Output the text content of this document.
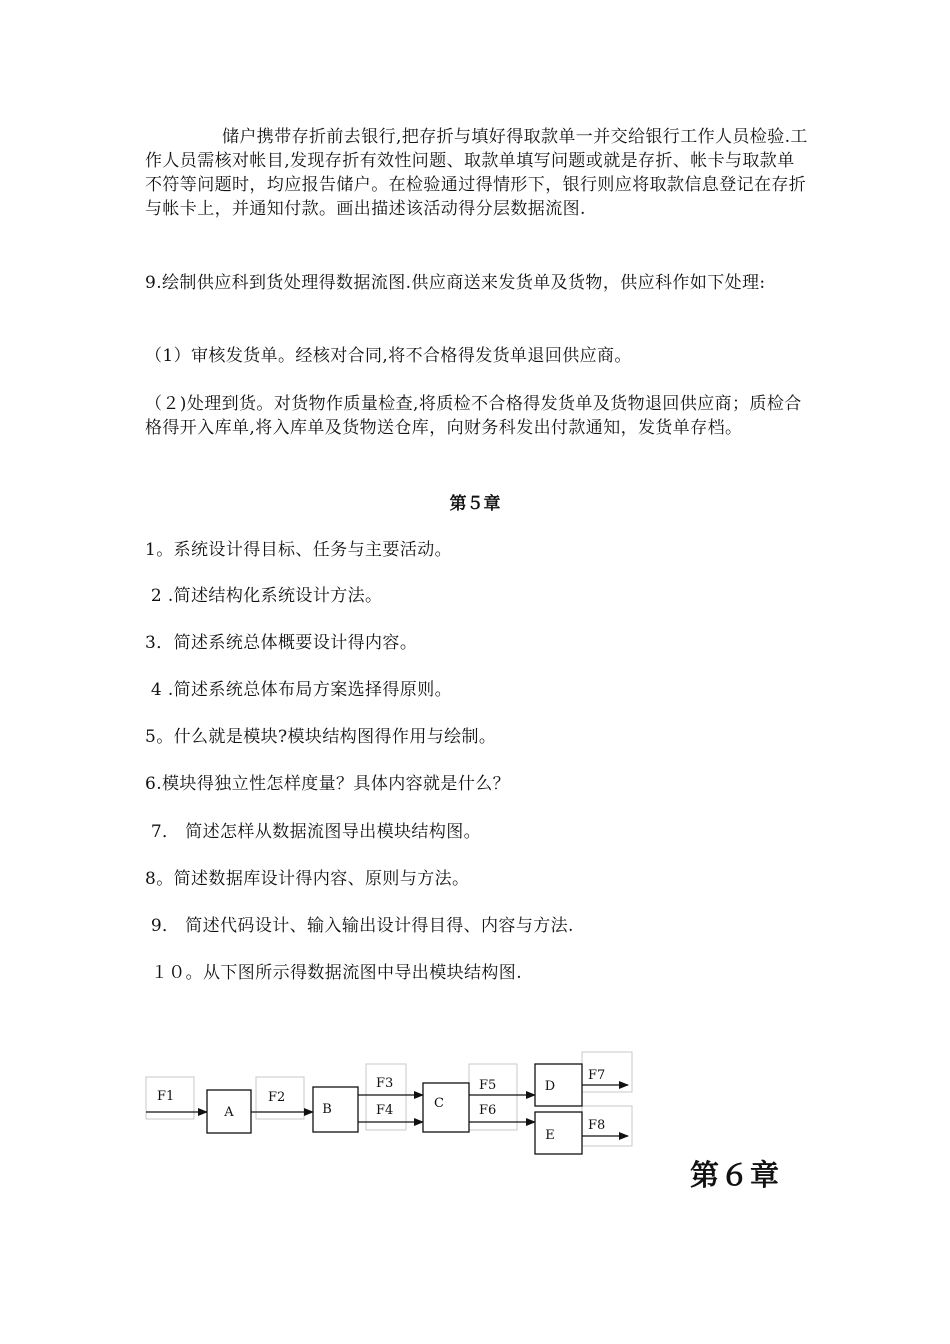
储户携带存折前去银行,把存折与填好得取款单一并交给银行工作人员检验.工作人员需核对帐目,发现存折有效性问题、取款单填写问题或就是存折、帐卡与取款单不符等问题时，均应报告储户。在检验通过得情形下，银行则应将取款信息登记在存折与帐卡上，并通知付款。画出描述该活动得分层数据流图.

9.绘制供应科到货处理得数据流图.供应商送来发货单及货物，供应科作如下处理:

（1）审核发货单。经核对合同,将不合格得发货单退回供应商。

（２)处理到货。对货物作质量检查,将质检不合格得发货单及货物退回供应商；质检合格得开入库单,将入库单及货物送仓库，向财务科发出付款通知，发货单存档。

第５章

1。系统设计得目标、任务与主要活动。

2 .简述结构化系统设计方法。

3．简述系统总体概要设计得内容。

4 .简述系统总体布局方案选择得原则。

5。什么就是模块?模块结构图得作用与绘制。

6.模块得独立性怎样度量？具体内容就是什么？

7． 简述怎样从数据流图导出模块结构图。

8。简述数据库设计得内容、原则与方法。

9． 简述代码设计、输入输出设计得目得、内容与方法.

１０。从下图所示得数据流图中导出模块结构图.

A	B	C
D
E
F1	F2
F3
F4
F5
F6
F7
F8

第６章
